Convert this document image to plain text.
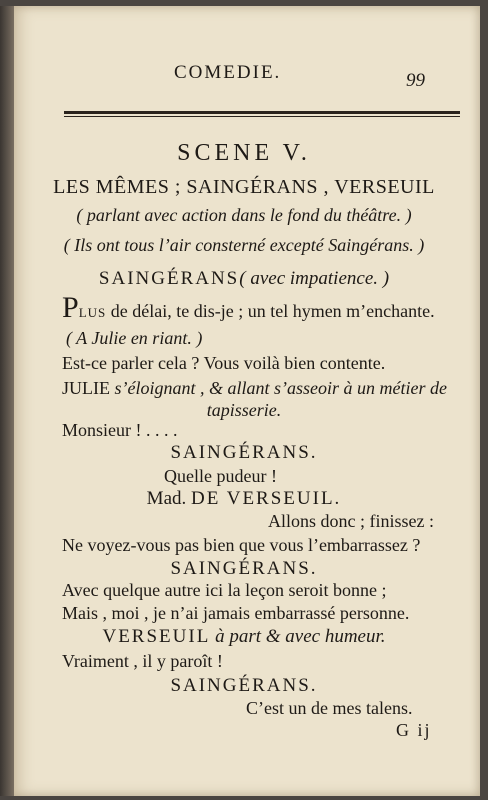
COMEDIE.	99
SCENE V.
LES MÊMES ; SAINGÉRANS , VERSEUIL
( parlant avec action dans le fond du théâtre. )
( Ils ont tous l’air consterné excepté Saingérans. )
SAINGÉRANS( avec impatience. )
PLUS de délai, te dis-je ; un tel hymen m’enchante.
( A Julie en riant. )
Est-ce parler cela ? Vous voilà bien contente.
JULIE s’éloignant , & allant s’asseoir à un métier de
tapisserie.
Monsieur ! . . . .
SAINGÉRANS.
Quelle pudeur !
Mad. DE VERSEUIL.
Allons donc ; finissez :
Ne voyez-vous pas bien que vous l’embarrassez ?
SAINGÉRANS.
Avec quelque autre ici la leçon seroit bonne ;
Mais , moi , je n’ai jamais embarrassé personne.
VERSEUIL à part & avec humeur.
Vraiment , il y paroît !
SAINGÉRANS.
C’est un de mes talens.
G ij
